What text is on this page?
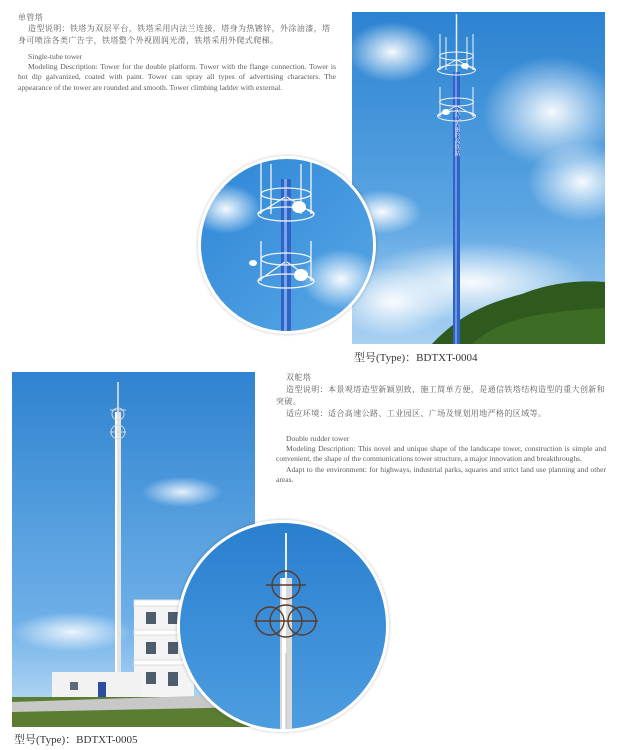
单管塔

造型说明：铁塔为双层平台，铁塔采用内法兰连接，塔身为热镀锌，外涂油漆，塔身可喷涂各类广告字，铁塔整个外视圆润光滑，铁塔采用外爬式爬梯。

Single-tube tower

Modeling Description: Tower for the double platform. Tower with the flange connection. Tower is hot dip galvanized, coated with paint. Tower can spray all types of advertising characters. The appearance of the tower are rounded and smooth. Tower climbing ladder with external.

大气美丽的高铁站
型号(Type)：BDTXT-0004

双舵塔

造型说明：本景观塔造型新颖别致，施工简单方便，是通信铁塔结构造型的重大创新和突破。

适应环境：适合高速公路、工业园区、广场及规划用地严格的区域等。

Double rudder tower

Modeling Description: This novel and unique shape of the landscape tower, construction is simple and convenient, the shape of the communications tower structure, a major innovation and breakthroughs.

Adapt to the environment: for highways, industrial parks, squares and strict land use planning and other areas.

型号(Type)：BDTXT-0005
